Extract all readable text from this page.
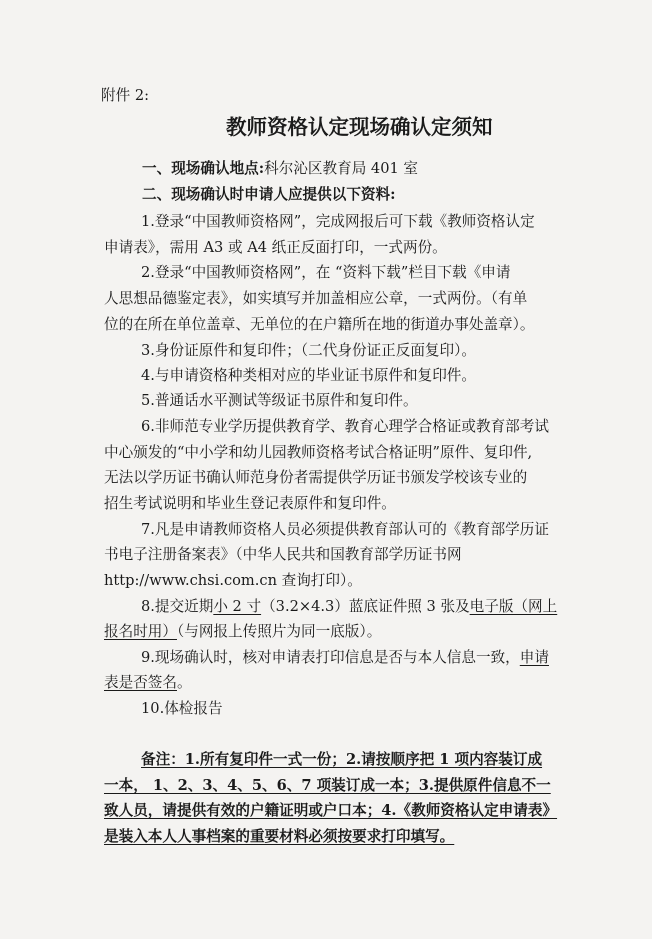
附件 2:
教师资格认定现场确认定须知
一、现场确认地点:科尔沁区教育局 401 室
二、现场确认时申请人应提供以下资料:
1.登录“中国教师资格网”，完成网报后可下载《教师资格认定
申请表》，需用 A3 或 A4 纸正反面打印，一式两份。
2.登录“中国教师资格网”，在 “资料下载”栏目下载《申请
人思想品德鉴定表》，如实填写并加盖相应公章，一式两份。（有单
位的在所在单位盖章、无单位的在户籍所在地的街道办事处盖章）。
3.身份证原件和复印件；（二代身份证正反面复印）。
4.与申请资格种类相对应的毕业证书原件和复印件。
5.普通话水平测试等级证书原件和复印件。
6.非师范专业学历提供教育学、教育心理学合格证或教育部考试
中心颁发的“中小学和幼儿园教师资格考试合格证明”原件、复印件,
无法以学历证书确认师范身份者需提供学历证书颁发学校该专业的
招生考试说明和毕业生登记表原件和复印件。
7.凡是申请教师资格人员必须提供教育部认可的《教育部学历证
书电子注册备案表》（中华人民共和国教育部学历证书网
http://www.chsi.com.cn 查询打印）。
8.提交近期小 2 寸（3.2×4.3）蓝底证件照 3 张及电子版（网上
报名时用）（与网报上传照片为同一底版）。
9.现场确认时，核对申请表打印信息是否与本人信息一致，申请
表是否签名。
10.体检报告
备注：1.所有复印件一式一份；2.请按顺序把 1 项内容装订成
一本， 1、2、3、4、5、6、7 项装订成一本；3.提供原件信息不一
致人员，请提供有效的户籍证明或户口本；4.《教师资格认定申请表》
是装入本人人事档案的重要材料必须按要求打印填写。
